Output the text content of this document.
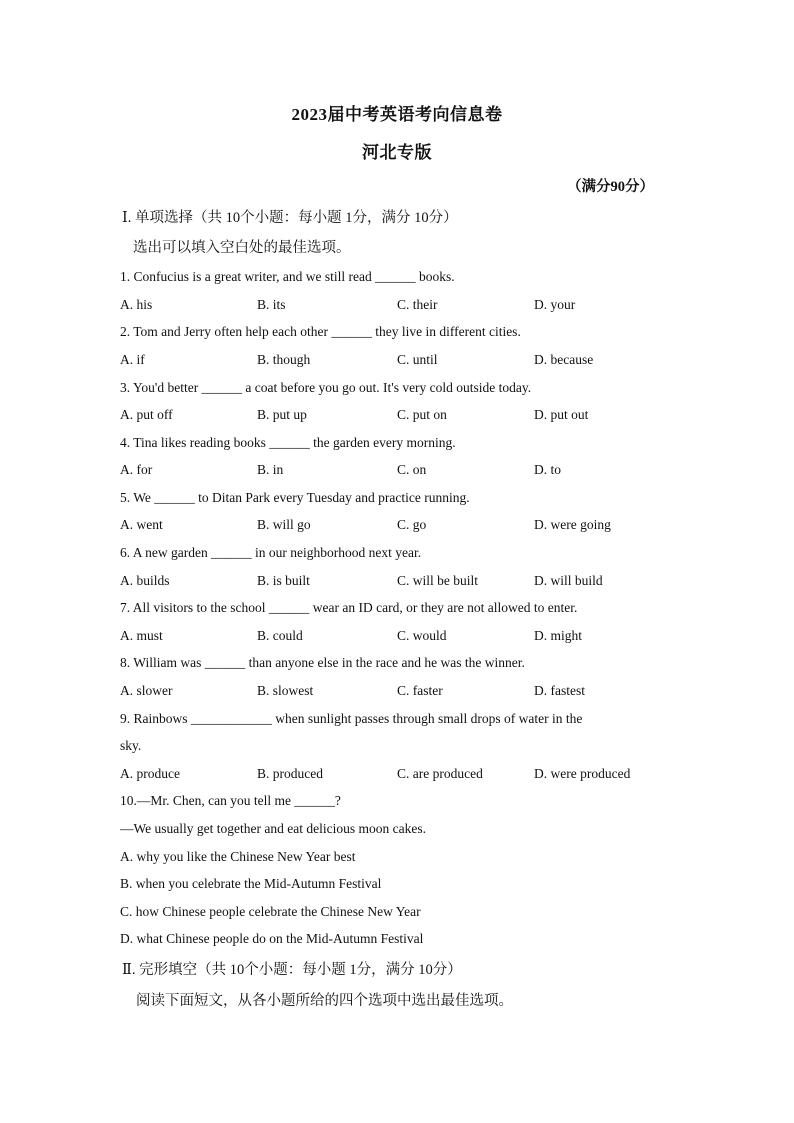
2023届中考英语考向信息卷
河北专版
（满分90分）
Ⅰ. 单项选择（共 10个小题：每小题 1分，满分 10分）
选出可以填入空白处的最佳选项。
1. Confucius is a great writer, and we still read ______ books.
A. his	B. its	C. their	D. your
2. Tom and Jerry often help each other ______ they live in different cities.
A. if	B. though	C. until	D. because
3. You'd better ______ a coat before you go out. It's very cold outside today.
A. put off	B. put up	C. put on	D. put out
4. Tina likes reading books ______ the garden every morning.
A. for	B. in	C. on	D. to
5. We ______ to Ditan Park every Tuesday and practice running.
A. went	B. will go	C. go	D. were going
6. A new garden ______ in our neighborhood next year.
A. builds	B. is built	C. will be built	D. will build
7. All visitors to the school ______ wear an ID card, or they are not allowed to enter.
A. must	B. could	C. would	D. might
8. William was ______ than anyone else in the race and he was the winner.
A. slower	B. slowest	C. faster	D. fastest
9. Rainbows ____________ when sunlight passes through small drops of water in the
sky.
A. produce	B. produced	C. are produced	D. were produced
10.—Mr. Chen, can you tell me ______?
—We usually get together and eat delicious moon cakes.
A. why you like the Chinese New Year best
B. when you celebrate the Mid-Autumn Festival
C. how Chinese people celebrate the Chinese New Year
D. what Chinese people do on the Mid-Autumn Festival
Ⅱ. 完形填空（共 10个小题：每小题 1分，满分 10分）
阅读下面短文，从各小题所给的四个选项中选出最佳选项。
